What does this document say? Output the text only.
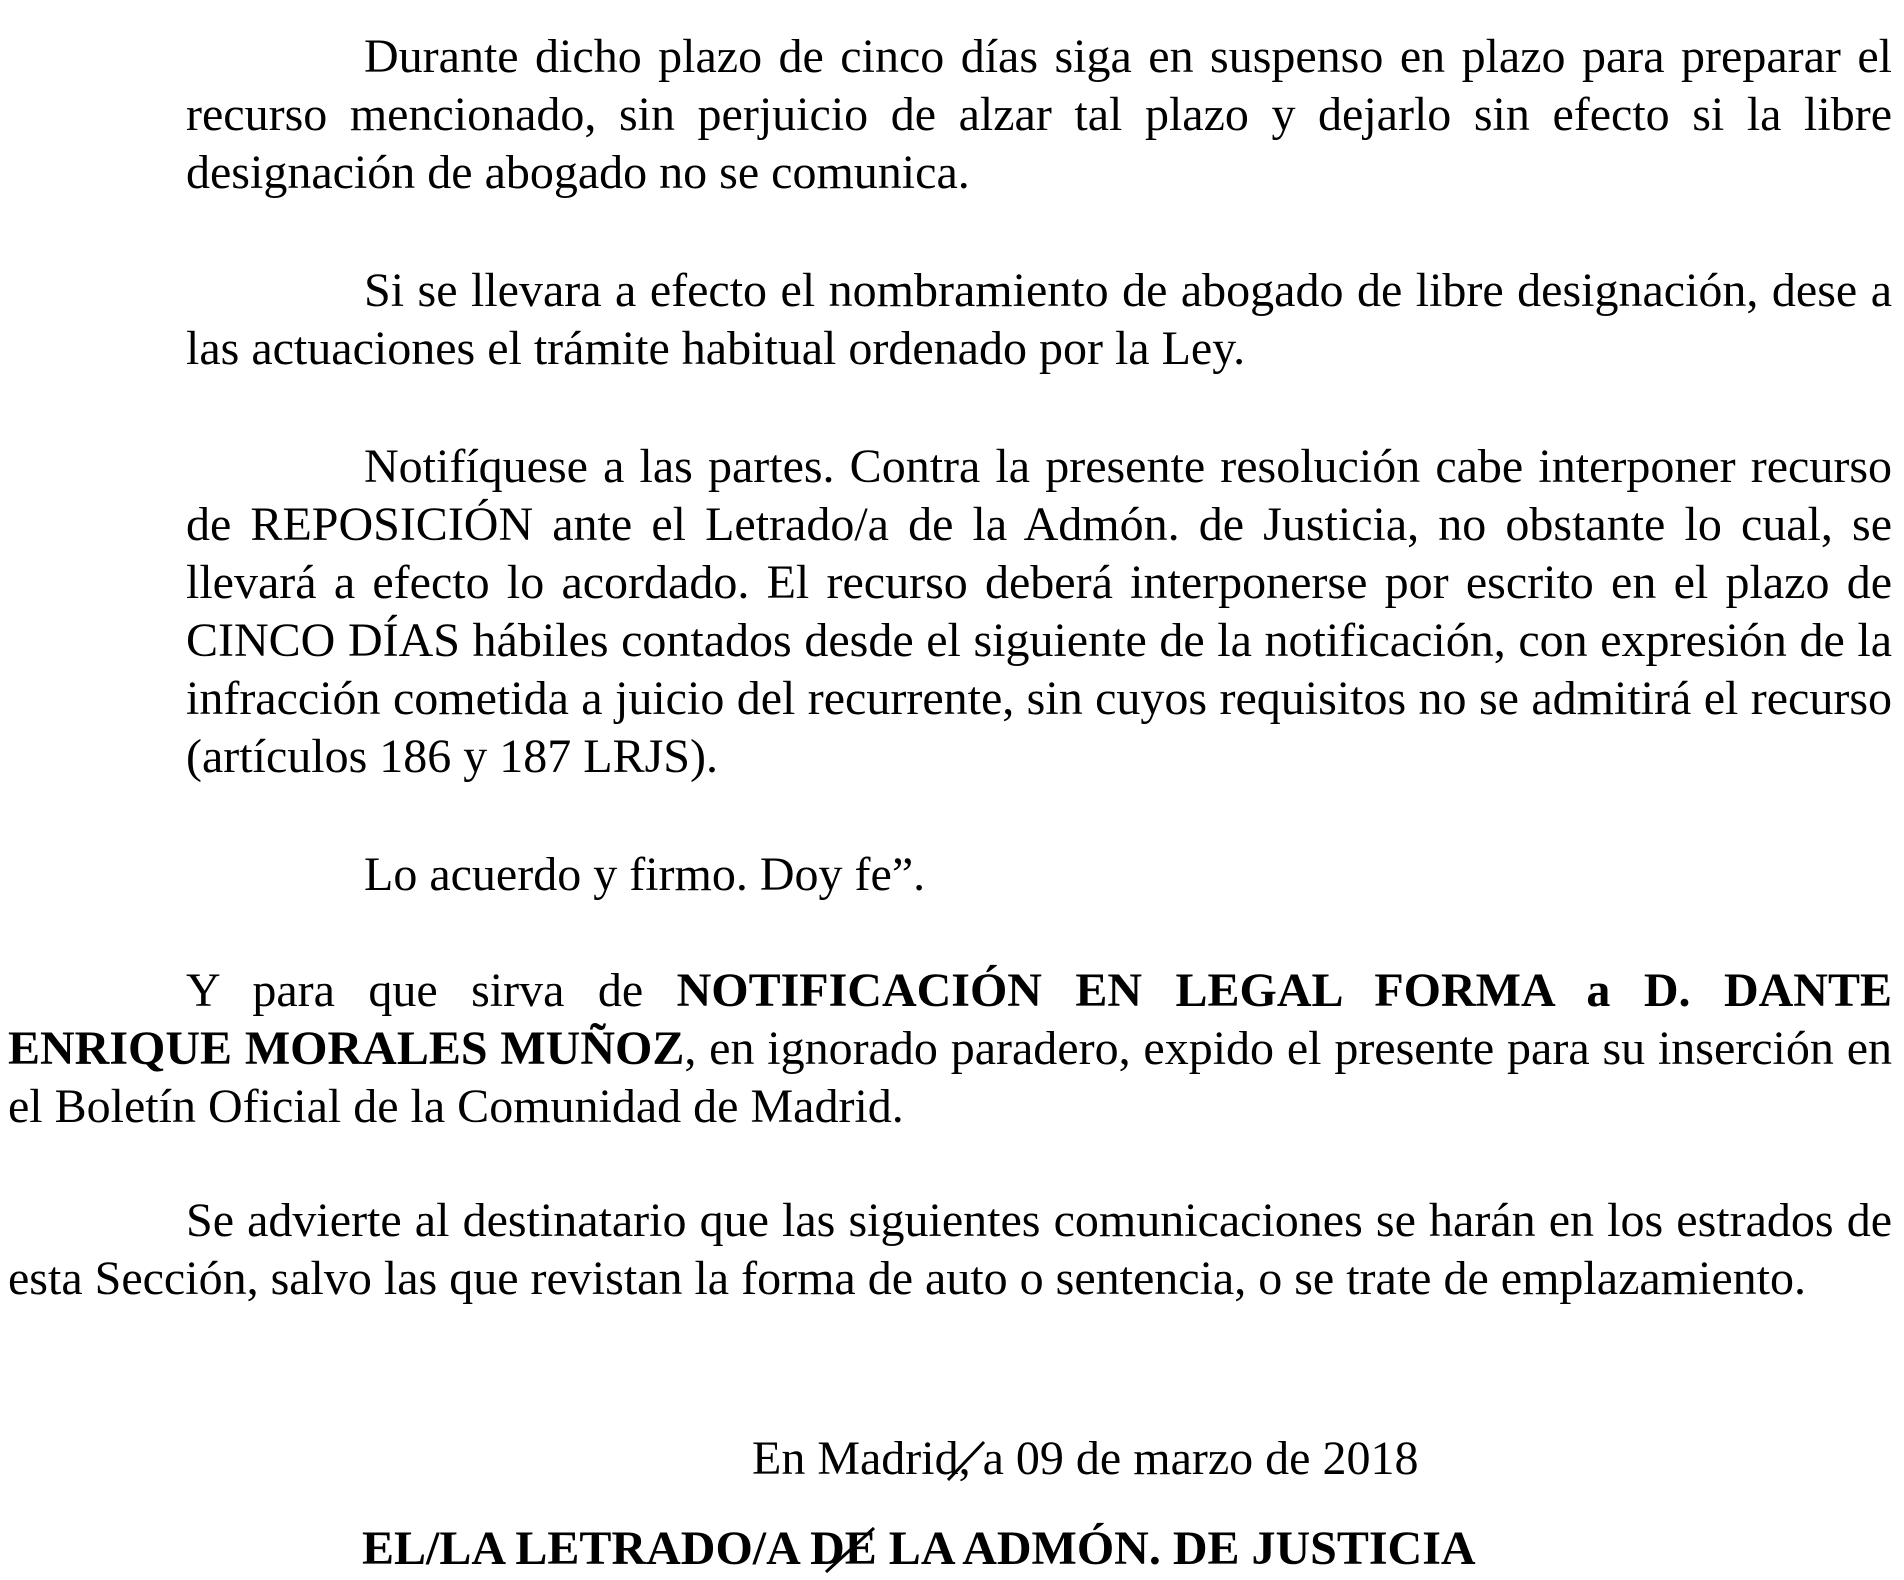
Durante dicho plazo de cinco días siga en suspenso en plazo para preparar el recurso mencionado, sin perjuicio de alzar tal plazo y dejarlo sin efecto si la libre designación de abogado no se comunica.

Si se llevara a efecto el nombramiento de abogado de libre designación, dese a las actuaciones el trámite habitual ordenado por la Ley.

Notifíquese a las partes. Contra la presente resolución cabe interponer recurso de REPOSICIÓN ante el Letrado/a de la Admón. de Justicia, no obstante lo cual, se llevará a efecto lo acordado. El recurso deberá interponerse por escrito en el plazo de CINCO DÍAS hábiles contados desde el siguiente de la notificación, con expresión de la infracción cometida a juicio del recurrente, sin cuyos requisitos no se admitirá el recurso (artículos 186 y 187 LRJS).

Lo acuerdo y firmo. Doy fe”.

Y para que sirva de NOTIFICACIÓN EN LEGAL FORMA a D. DANTE ENRIQUE MORALES MUÑOZ, en ignorado paradero, expido el presente para su inserción en el Boletín Oficial de la Comunidad de Madrid.

Se advierte al destinatario que las siguientes comunicaciones se harán en los estrados de esta Sección, salvo las que revistan la forma de auto o sentencia, o se trate de emplazamiento.

En Madrid, a 09 de marzo de 2018

EL/LA LETRADO/A DE LA ADMÓN. DE JUSTICIA
